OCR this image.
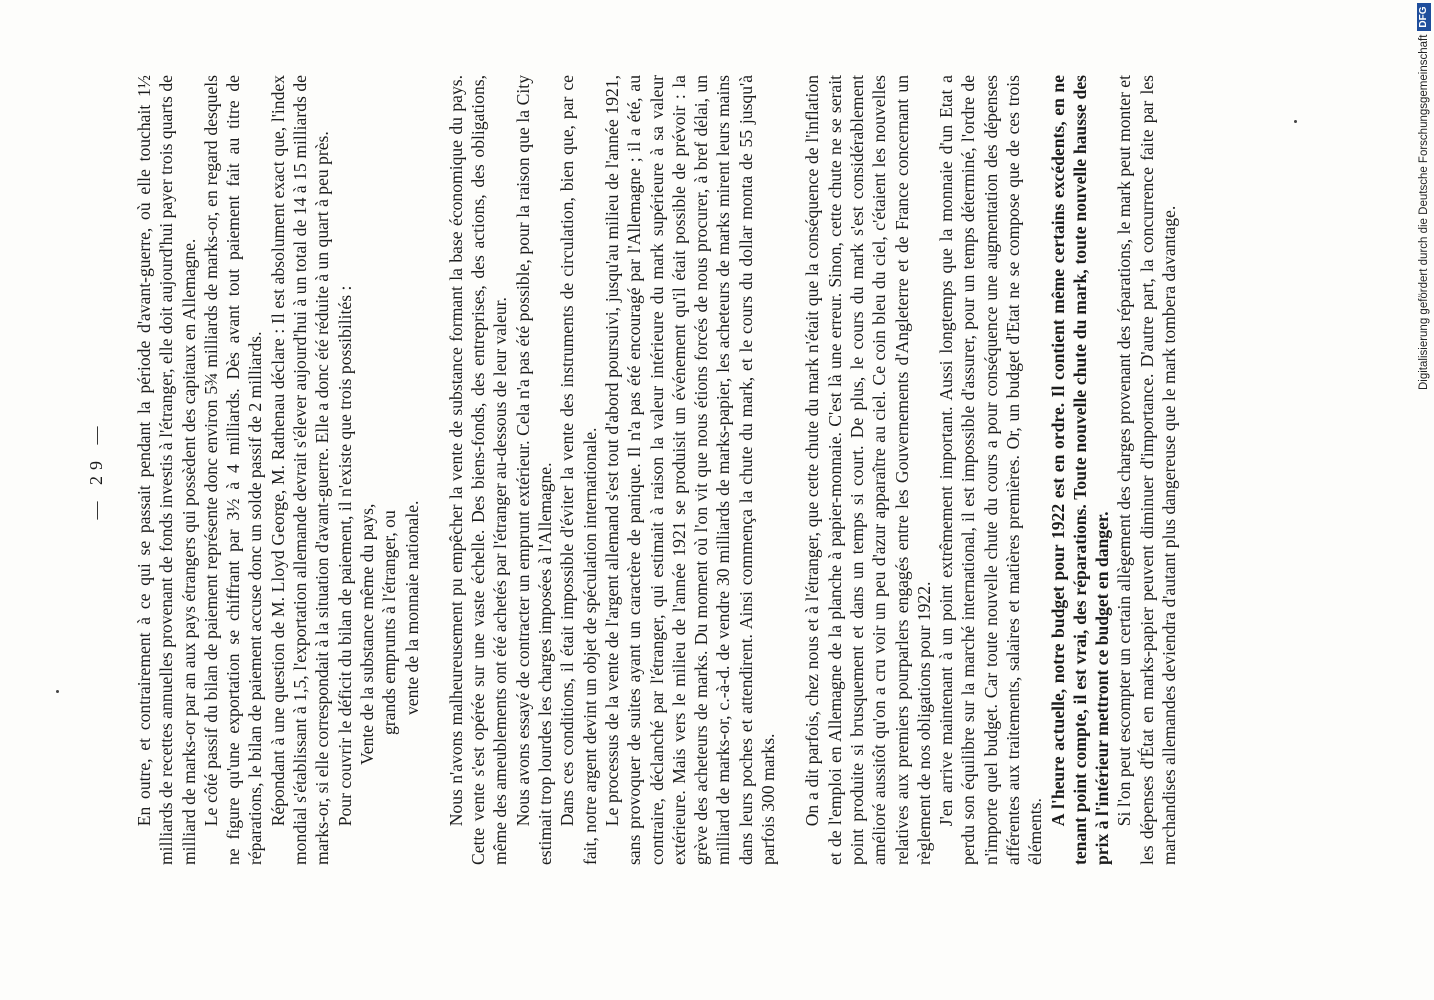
— 29 — En outre, et contrairement à ce qui se passait pendant la période d'avant-guerre, où elle touchait 1½ milliards de recettes annuelles provenant de fonds investis à l'étranger, elle doit aujourd'hui payer trois quarts de milliard de marks-or par an aux pays étrangers qui possèdent des capitaux en Allemagne. Le côté passif du bilan de paiement représente donc environ 5¾ milliards de marks-or, en regard desquels ne figure qu'une exportation se chiffrant par 3½ à 4 milliards. Dès avant tout paiement fait au titre de réparations, le bilan de paiement accuse donc un solde passif de 2 milliards. Répondant à une question de M. Lloyd George, M. Rathenau déclare : Il est absolument exact que, l'index mondial s'établissant à 1,5, l'exportation allemande devrait s'élever aujourd'hui à un total de 14 à 15 milliards de marks-or, si elle correspondait à la situation d'avant-guerre. Elle a donc été réduite à un quart à peu près. Pour couvrir le déficit du bilan de paiement, il n'existe que trois possibilités : Vente de la substance même du pays, grands emprunts à l'étranger, ou vente de la monnaie nationale. Nous n'avons malheureusement pu empêcher la vente de substance formant la base économique du pays. Cette vente s'est opérée sur une vaste échelle. Des biens-fonds, des entreprises, des actions, des obligations, même des ameublements ont été achetés par l'étranger au-dessous de leur valeur. Nous avons essayé de contracter un emprunt extérieur. Cela n'a pas été possible, pour la raison que la City estimait trop lourdes les charges imposées à l'Allemagne. Dans ces conditions, il était impossible d'éviter la vente des instruments de circulation, bien que, par ce fait, notre argent devint un objet de spéculation internationale. Le processus de la vente de l'argent allemand s'est tout d'abord poursuivi, jusqu'au milieu de l'année 1921, sans provoquer de suites ayant un caractère de panique. Il n'a pas été encouragé par l'Allemagne ; il a été, au contraire, déclanché par l'étranger, qui estimait à raison la valeur intérieure du mark supérieure à sa valeur extérieure. Mais vers le milieu de l'année 1921 se produisit un événement qu'il était possible de prévoir : la grève des acheteurs de marks. Du moment où l'on vit que nous étions forcés de nous procurer, à bref délai, un milliard de marks-or, c.-à-d. de vendre 30 milliards de marks-papier, les acheteurs de marks mirent leurs mains dans leurs poches et attendirent. Ainsi commença la chute du mark, et le cours du dollar monta de 55 jusqu'à parfois 300 marks. On a dit parfois, chez nous et à l'étranger, que cette chute du mark n'était que la conséquence de l'inflation et de l'emploi en Allemagne de la planche à papier-monnaie. C'est là une erreur. Sinon, cette chute ne se serait point produite si brusquement et dans un temps si court. De plus, le cours du mark s'est considérablement amélioré aussitôt qu'on a cru voir un peu d'azur apparaître au ciel. Ce coin bleu du ciel, c'étaient les nouvelles relatives aux premiers pourparlers engagés entre les Gouvernements d'Angleterre et de France concernant un règlement de nos obligations pour 1922. J'en arrive maintenant à un point extrêmement important. Aussi longtemps que la monnaie d'un Etat a perdu son équilibre sur la marché international, il est impossible d'assurer, pour un temps déterminé, l'ordre de n'importe quel budget. Car toute nouvelle chute du cours a pour conséquence une augmentation des dépenses afférentes aux traitements, salaires et matières premières. Or, un budget d'Etat ne se compose que de ces trois éléments.

A l'heure actuelle, notre budget pour 1922 est en ordre. Il contient même certains excédents, en ne tenant point compte, il est vrai, des réparations. Toute nouvelle chute du mark, toute nouvelle hausse des prix à l'intérieur mettront ce budget en danger. Si l'on peut escompter un certain allègement des charges provenant des réparations, le mark peut monter et les dépenses d'État en marks-papier peuvent diminuer d'importance. D'autre part, la concurrence faite par les marchandises allemandes deviendra d'autant plus dangereuse que le mark tombera davantage.	Digitalisierung gefördert durch die Deutsche ForschungsgemeinschaftDFG
